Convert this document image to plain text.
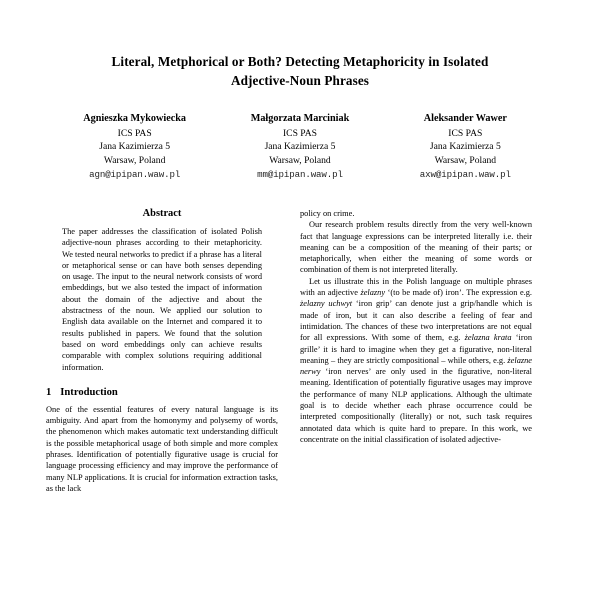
Literal, Metphorical or Both? Detecting Metaphoricity in Isolated
Adjective-Noun Phrases
Agnieszka Mykowiecka
ICS PAS
Jana Kazimierza 5
Warsaw, Poland
agn@ipipan.waw.pl
Małgorzata Marciniak
ICS PAS
Jana Kazimierza 5
Warsaw, Poland
mm@ipipan.waw.pl
Aleksander Wawer
ICS PAS
Jana Kazimierza 5
Warsaw, Poland
axw@ipipan.waw.pl
Abstract

The paper addresses the classification of isolated Polish adjective-noun phrases according to their metaphoricity. We tested neural networks to predict if a phrase has a literal or metaphorical sense or can have both senses depending on usage. The input to the neural network consists of word embeddings, but we also tested the impact of information about the domain of the adjective and about the abstractness of the noun. We applied our solution to English data available on the Internet and compared it to results published in papers. We found that the solution based on word embeddings only can achieve results comparable with complex solutions requiring additional information.

1 Introduction

One of the essential features of every natural language is its ambiguity. And apart from the homonymy and polysemy of words, the phenomenon which makes automatic text understanding difficult is the possible metaphorical usage of both simple and more complex phrases. Identification of potentially figurative usage is crucial for language processing efficiency and may improve the performance of many NLP applications. It is crucial for information extraction tasks, as the lack

policy on crime.

Our research problem results directly from the very well-known fact that language expressions can be interpreted literally i.e. their meaning can be a composition of the meaning of their parts; or metaphorically, when either the meaning of some words or combination of them is not interpreted literally.

Let us illustrate this in the Polish language on multiple phrases with an adjective żelazny ‘(to be made of) iron’. The expression e.g. żelazny uchwyt ‘iron grip’ can denote just a grip/handle which is made of iron, but it can also describe a feeling of fear and intimidation. The chances of these two interpretations are not equal for all expressions. With some of them, e.g. żelazna krata ‘iron grille’ it is hard to imagine when they get a figurative, non-literal meaning – they are strictly compositional – while others, e.g. żelazne nerwy ‘iron nerves’ are only used in the figurative, non-literal meaning. Identification of potentially figurative usages may improve the performance of many NLP applications. Although the ultimate goal is to decide whether each phrase occurrence could be interpreted compositionally (literally) or not, such task requires annotated data which is quite hard to prepare. In this work, we concentrate on the initial classification of isolated adjective-
